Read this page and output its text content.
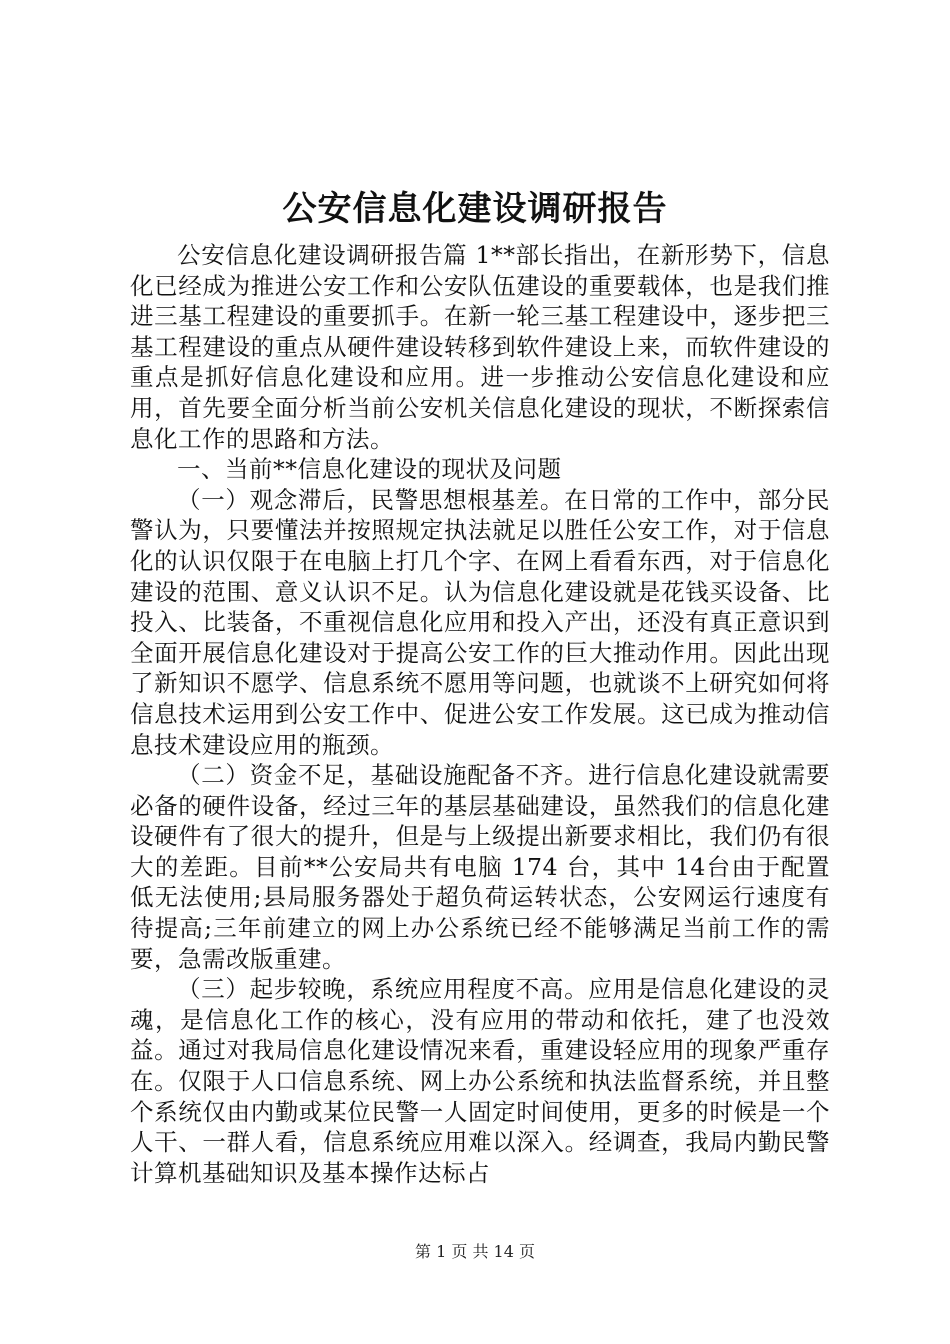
公安信息化建设调研报告

公安信息化建设调研报告篇 1**部长指出，在新形势下，信息化已经成为推进公安工作和公安队伍建设的重要载体，也是我们推进三基工程建设的重要抓手。在新一轮三基工程建设中，逐步把三基工程建设的重点从硬件建设转移到软件建设上来，而软件建设的重点是抓好信息化建设和应用。进一步推动公安信息化建设和应用，首先要全面分析当前公安机关信息化建设的现状，不断探索信息化工作的思路和方法。

一、当前**信息化建设的现状及问题

（一）观念滞后，民警思想根基差。在日常的工作中，部分民警认为，只要懂法并按照规定执法就足以胜任公安工作，对于信息化的认识仅限于在电脑上打几个字、在网上看看东西，对于信息化建设的范围、意义认识不足。认为信息化建设就是花钱买设备、比投入、比装备，不重视信息化应用和投入产出，还没有真正意识到全面开展信息化建设对于提高公安工作的巨大推动作用。因此出现了新知识不愿学、信息系统不愿用等问题，也就谈不上研究如何将信息技术运用到公安工作中、促进公安工作发展。这已成为推动信息技术建设应用的瓶颈。

（二）资金不足，基础设施配备不齐。进行信息化建设就需要必备的硬件设备，经过三年的基层基础建设，虽然我们的信息化建设硬件有了很大的提升，但是与上级提出新要求相比，我们仍有很大的差距。目前**公安局共有电脑 174 台，其中 14台由于配置低无法使用;县局服务器处于超负荷运转状态，公安网运行速度有待提高;三年前建立的网上办公系统已经不能够满足当前工作的需要，急需改版重建。

（三）起步较晚，系统应用程度不高。应用是信息化建设的灵魂，是信息化工作的核心，没有应用的带动和依托，建了也没效益。通过对我局信息化建设情况来看，重建设轻应用的现象严重存在。仅限于人口信息系统、网上办公系统和执法监督系统，并且整个系统仅由内勤或某位民警一人固定时间使用，更多的时候是一个人干、一群人看，信息系统应用难以深入。经调查，我局内勤民警计算机基础知识及基本操作达标占

第 1 页 共 14 页
